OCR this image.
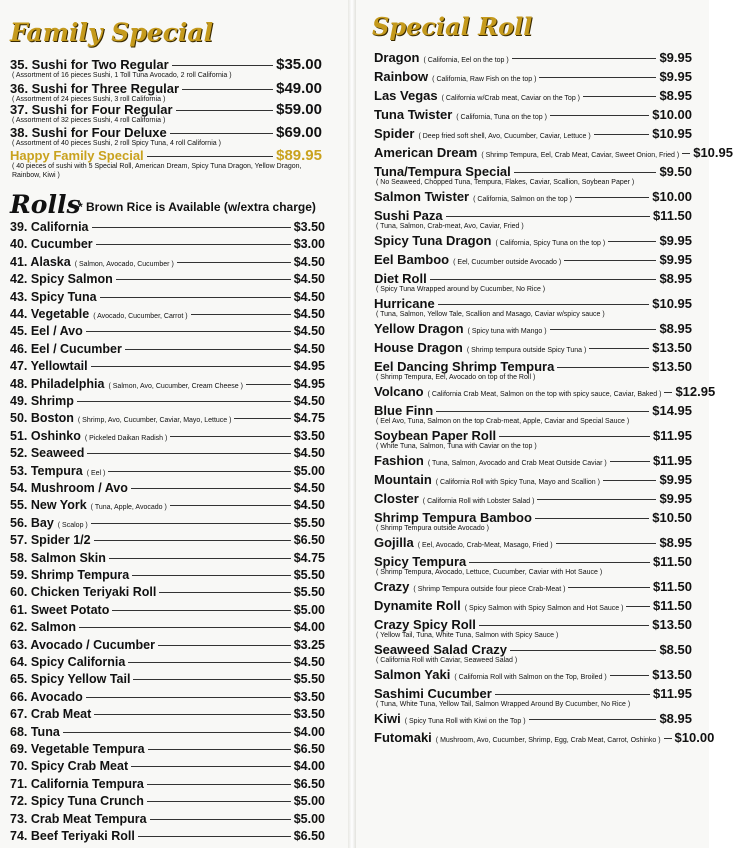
Family Special
35. Sushi for Two Regular	$35.00
( Assortment of 16 pieces Sushi, 1 Toll Tuna Avocado, 2 roll California )
36. Sushi for Three Regular	$49.00
( Assortment of 24 pieces Sushi, 3 roll California )
37. Sushi for Four Regular	$59.00
( Assortment of 32 pieces Sushi, 4 roll California )
38. Sushi for Four Deluxe	$69.00
( Assortment of 40 pieces Sushi, 2 roll Spicy Tuna, 4 roll California )
Happy Family Special	$89.95
( 40 pieces of sushi with 5 Special Roll, American Dream, Spicy Tuna Dragon, Yellow Dragon, Rainbow, Kiwi )
Rolls
* Brown Rice is Available (w/extra charge)
39. California	$3.50
40. Cucumber	$3.00
41. Alaska ( Salmon, Avocado, Cucumber )	$4.50
42. Spicy Salmon	$4.50
43. Spicy Tuna	$4.50
44. Vegetable ( Avocado, Cucumber, Carrot )	$4.50
45. Eel / Avo	$4.50
46. Eel / Cucumber	$4.50
47. Yellowtail	$4.95
48. Philadelphia ( Salmon, Avo, Cucumber, Cream Cheese )	$4.95
49. Shrimp	$4.50
50. Boston ( Shrimp, Avo, Cucumber, Caviar, Mayo, Lettuce )	$4.75
51. Oshinko ( Pickeled Daikan Radish )	$3.50
52. Seaweed	$4.50
53. Tempura ( Eel )	$5.00
54. Mushroom / Avo	$4.50
55. New York ( Tuna, Apple, Avocado )	$4.50
56. Bay ( Scalop )	$5.50
57. Spider 1/2	$6.50
58. Salmon Skin	$4.75
59. Shrimp Tempura	$5.50
60. Chicken Teriyaki Roll	$5.50
61. Sweet Potato	$5.00
62. Salmon	$4.00
63. Avocado / Cucumber	$3.25
64. Spicy California	$4.50
65. Spicy Yellow Tail	$5.50
66. Avocado	$3.50
67. Crab Meat	$3.50
68. Tuna	$4.00
69. Vegetable Tempura	$6.50
70. Spicy Crab Meat	$4.00
71. California Tempura	$6.50
72. Spicy Tuna Crunch	$5.00
73. Crab Meat Tempura	$5.00
74. Beef Teriyaki Roll	$6.50
Special Roll
Dragon ( California, Eel on the top )	$9.95
Rainbow ( California, Raw Fish on the top )	$9.95
Las Vegas ( California w/Crab meat, Caviar on the Top )	$8.95
Tuna Twister ( California, Tuna on the top )	$10.00
Spider ( Deep fried soft shell, Avo, Cucumber, Caviar, Lettuce )	$10.95
American Dream ( Shrimp Tempura, Eel, Crab Meat, Caviar, Sweet Onion, Fried ) $10.95
Tuna/Tempura Special	$9.50
( No Seaweed, Chopped Tuna, Tempura, Flakes, Caviar, Scallion, Soybean Paper )
Salmon Twister ( California, Salmon on the top )	$10.00
Sushi Paza	$11.50
( Tuna, Salmon, Crab-meat, Avo, Caviar, Fried )
Spicy Tuna Dragon ( California, Spicy Tuna on the top )	$9.95
Eel Bamboo ( Eel, Cucumber outside Avocado )	$9.95
Diet Roll	$8.95
( Spicy Tuna Wrapped around by Cucumber, No Rice )
Hurricane	$10.95
( Tuna, Salmon, Yellow Tale, Scallion and Masago, Caviar w/spicy sauce )
Yellow Dragon ( Spicy tuna with Mango )	$8.95
House Dragon ( Shrimp tempura outside Spicy Tuna )	$13.50
Eel Dancing Shrimp Tempura	$13.50
( Shrimp Tempura, Eel, Avocado on top of the Roll )
Volcano ( California Crab Meat, Salmon on the top with spicy sauce, Caviar, Baked ) $12.95
Blue Finn	$14.95
( Eel Avo, Tuna, Salmon on the top Crab-meat, Apple, Caviar and Special Sauce )
Soybean Paper Roll	$11.95
( White Tuna, Salmon, Tuna with Caviar on the top )
Fashion ( Tuna, Salmon, Avocado and Crab Meat Outside Caviar )	$11.95
Mountain ( California Roll with Spicy Tuna, Mayo and Scallion )	$9.95
Closter ( California Roll with Lobster Salad )	$9.95
Shrimp Tempura Bamboo	$10.50
( Shrimp Tempura outside Avocado )
Gojilla ( Eel, Avocado, Crab-Meat, Masago, Fried )	$8.95
Spicy Tempura	$11.50
( Shrimp Tempura, Avocado, Lettuce, Cucumber, Caviar with Hot Sauce )
Crazy ( Shrimp Tempura outside four piece Crab-Meat )	$11.50
Dynamite Roll ( Spicy Salmon with Spicy Salmon and Hot Sauce ) $11.50
Crazy Spicy Roll	$13.50
( Yellow Tail, Tuna, White Tuna, Salmon with Spicy Sauce )
Seaweed Salad Crazy	$8.50
( California Roll with Caviar, Seaweed Salad )
Salmon Yaki ( California Roll with Salmon on the Top, Broiled )	$13.50
Sashimi Cucumber	$11.95
( Tuna, White Tuna, Yellow Tail, Salmon Wrapped Around By Cucumber, No Rice )
Kiwi ( Spicy Tuna Roll with Kiwi on the Top )	$8.95
Futomaki ( Mushroom, Avo, Cucumber, Shrimp, Egg, Crab Meat, Carrot, Oshinko ) $10.00
